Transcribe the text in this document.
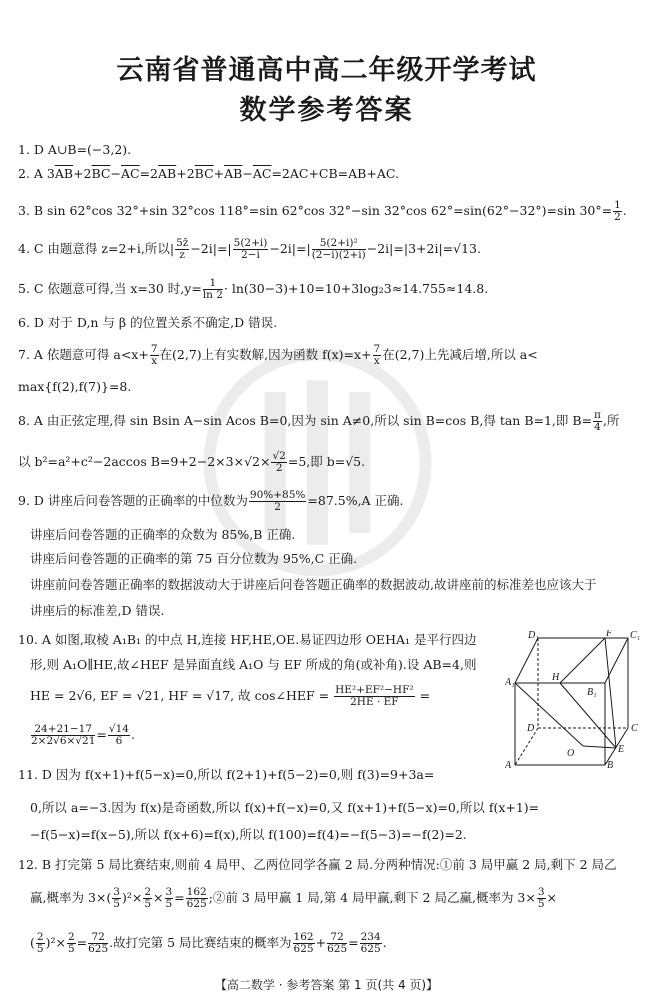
云南省普通高中高二年级开学考试
数学参考答案
1. D A∪B=(−3,2).
2. A $3\overline{AB}+2\overline{BC}-\overline{AC}=2\overline{AB}+2\overline{BC}+\overline{AB}-\overline{AC}=2AC+CB=AB+AC$.
3. B sin 62°cos 32°+sin 32°cos 118°=sin 62°cos 32°−sin 32°cos 62°=sin(62°−32°)=sin $30^\circ= \frac{1}{2}$ .
4. C 由题意得 z=2+i,所以| $\frac{5z̄}{z} -2i|=| \frac{5(2+i)}{2-i} -2i|=| \frac{\text{5(2+i)²}}{(2-i)(2+i)} -2i|=|3+2i|=√13$.
5. C 依题意可得,当 x=30 时$,y= \frac{1}{\ln 2} \cdot \ln(30-3)+10=10+3\log_23\approx 14.755\approx 14.8$.
6. D 对于 D,n 与 β 的位置关系不确定,D 错误.
7. A 依题意可得 $a<x+ \frac{7}{x}$ 在(2,7)上有实数解,因为函数 $f(x)=x+ \frac{7}{x}$ 在(2,7)上先减后增,所以 a<
max{f(2),f(7)}=8.
8. A 由正弦定理,得 sin Bsin A−sin Acos B=0,因为 sin A≠0,所以 sin B=cos B,得 tan B=1,即 $B= \frac{\pi}{4}$ ,所
以 b²=a²+c²−2accos $B=9+2-2\times 3\times√2\times \frac{√2}{2} =5$,即 b=√5.
9. D 讲座后问卷答题的正确率的中位数为 $\frac{90\%+85\%}{2} =87.5\%,A$ 正确.
讲座后问卷答题的正确率的众数为 85%,B 正确.
讲座后问卷答题的正确率的第 75 百分位数为 95%,C 正确.
讲座前问卷答题正确率的数据波动大于讲座后问卷答题正确率的数据波动,故讲座前的标准差也应该大于
讲座后的标准差,D 错误.
10. A 如图,取棱 A₁B₁ 的中点 H,连接 HF,HE,OE.易证四边形 OEHA₁ 是平行四边
形,则 A₁O∥HE,故∠HEF 是异面直线 A₁O 与 EF 所成的角(或补角).设 AB=4,则
HE = 2√6, EF = √21, HF = √17, 故 cos∠HEF = $\frac{\text{HE²+EF²−HF²}}{2HE \cdot EF}$ =
$\frac{24+21-17}{2\times 2√6\times√21} = \frac{√14}{6}$ .
D₁	F C₁
A₁	H
B₁
D	C
O	E
A	B
11. D 因为 f(x+1)+f(5−x)=0,所以 f(2+1)+f(5−2)=0,则 f(3)=9+3a=
0,所以 a=−3.因为 f(x)是奇函数,所以 f(x)+f(−x)=0,又 f(x+1)+f(5−x)=0,所以 f(x+1)=
−f(5−x)=f(x−5),所以 f(x+6)=f(x),所以 f(100)=f(4)=−f(5−3)=−f(2)=2.
12. B 打完第 5 局比赛结束,则前 4 局甲、乙两位同学各赢 2 局.分两种情况:①前 3 局甲赢 2 局,剩下 2 局乙
赢,概率为 $3\times( \frac{3}{5} )^2\times \frac{2}{5} \times \frac{3}{5} = \frac{162}{625}$ ;②前 3 局甲赢 1 局,第 4 局甲赢,剩下 2 局乙赢,概率为 $3\times \frac{3}{5}$ ×
( $\frac{2}{5} )^2\times \frac{2}{5} = \frac{72}{625}$ .故打完第 5 局比赛结束的概率为 $\frac{162}{625} + \frac{72}{625} = \frac{234}{625}$ .
【高二数学 · 参考答案 第 1 页(共 4 页)】
